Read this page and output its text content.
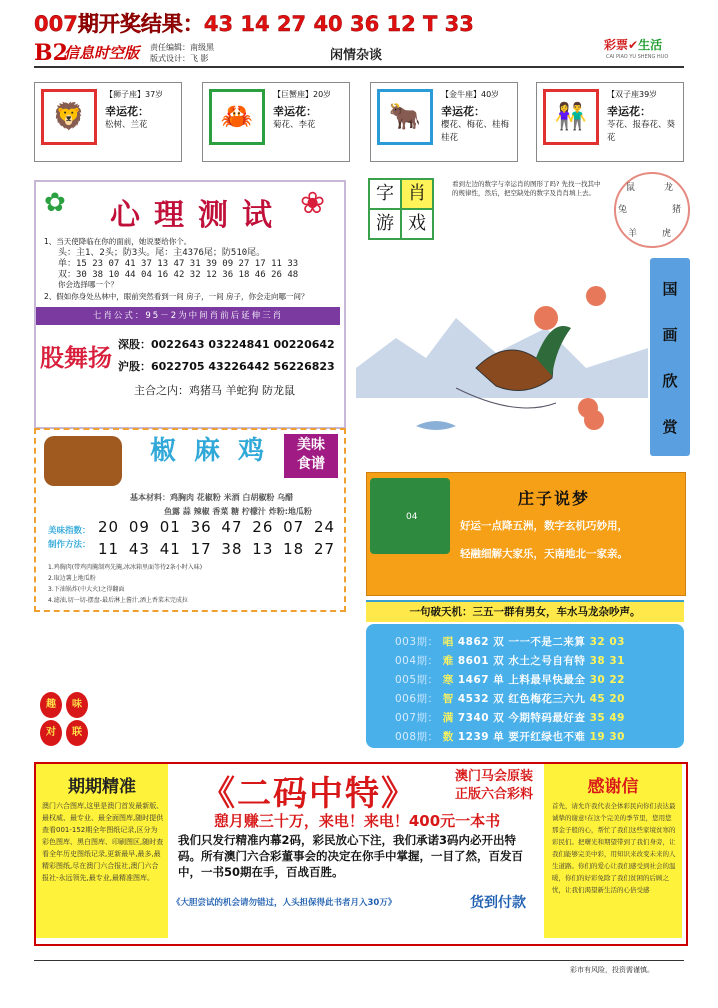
007期开奖结果：43 14 27 40 36 12 T 33
B2
信息时空版 责任编辑：南级黑
版式设计：飞 影	闲情杂谈
彩票✔生活
CAI PIAO YU SHENG HUO
🦁
【狮子座】37岁
幸运花：
松树、兰花	🦀
【巨蟹座】20岁
幸运花：
菊花、李花	🐂
【金牛座】40岁
幸运花：
樱花、梅花、桂梅桂花
👫
【双子座39岁
幸运花：
苓花、报春花、葵花
✿	❀
心理测试
1、当天使降临在你的面前，她说要给你个。
头：主1、2头；防3头。尾：主4376尾；防510尾。
单：15 23 07 41 37 13 47 31 39 09 27 17 11 33
双：30 38 10 44 04 16 42 32 12 36 18 46 26 48
你会选择哪一个？
2、假如你身处丛林中，眼前突然看到一间 房子，一间 房子，你会走向哪一间？
七肖公式：95－2为中间肖前后延伸三肖
股舞扬 深股：0022643 03224841 00220642
沪股：6022705 43226442 56226823
主合之内：鸡猪马 羊蛇狗 防龙鼠
椒麻鸡	美味
食谱
基本材料：鸡胸肉 花椒粉 米酒 白胡椒粉 乌醋
鱼露 蒜 辣椒 香菜 糖 柠檬汁 炸粉:地瓜粉
美味指数：
制作方法：
20 09 01 36 47 26 07 24
11 43 41 17 38 13 18 27
1.鸡胸肉(带鸡肉腌制鸡先腌,冰冰箱里面等待2条小时入味)
2.取边薯上地瓜粉
3.下油锅炸(中大火)之得翻面
4.滤油,切一切-摆盘-最后淋上酱汁,洒上香菜末完成拉
趣	味
对	联
字 肖
游 戏
看到左边的数字与幸运肖的图形了吗? 先找一找其中的规律性，然后，把空缺处的数字及肖肖填上去。	鼠	龙
猪
虎
羊
兔
国
画
欣
赏
04
庄子说梦
好运一点降五洲，数字玄机巧妙用，
轻融细解大家乐，天南地北一家亲。
一句破天机：三五一群有男女，车水马龙杂吵声。
003期： 唱 4862 双 一一不是二来算 32 03
004期： 难 8601 双 水土之号自有特 38 31
005期： 寒 1467 单 上料最早快最全 30 22
006期： 智 4532 双 红色梅花三六九 45 20
007期： 满 7340 双 今期特码最好查 35 49
008期： 数 1239 单 要开红绿也不难 19 30
期期精准
澳门六合图库,这里是澳门首发最新版、最权威、最专业、最全面图库,随时提供查看001-152期全年图纸记录,区分为彩色图库、黑白图库、印刷图区,随时查看全年历史图纸记录,更新最早,最多,最精彩图纸,尽在澳门六合报社,澳门六合报社-永远领先,最专业,最精准图库。
感谢信
首先，请允许我代表全体彩民向你们表达最诚挚的谢意!在这个完美的季节里，您用您那金子般的心，帮忙了我们这些家境贫寒的彩民们。把曙光和期望带到了我们身旁，让我们能够完美中彩，用知识来改变未来的人生道路。你们的爱心让我们感受到社会的温暖，你们的好彩免除了我们贫困的后顾之忧，让我们渴望新生活的心倍受感
《二码中特》	澳门马会原装
正版六合彩料
憩月赚三十万，来电！来电！400元一本书
我们只发行精准内幕2码，彩民放心下注，我们承诺3码内必开出特码。所有澳门六合彩董事会的决定在你手中掌握，一目了然，百发百中，一书50期在手，百战百胜。
《大胆尝试的机会请勿错过，人头担保得此书者月入30万》	货到付款
彩市有风险，投资需谨慎。
